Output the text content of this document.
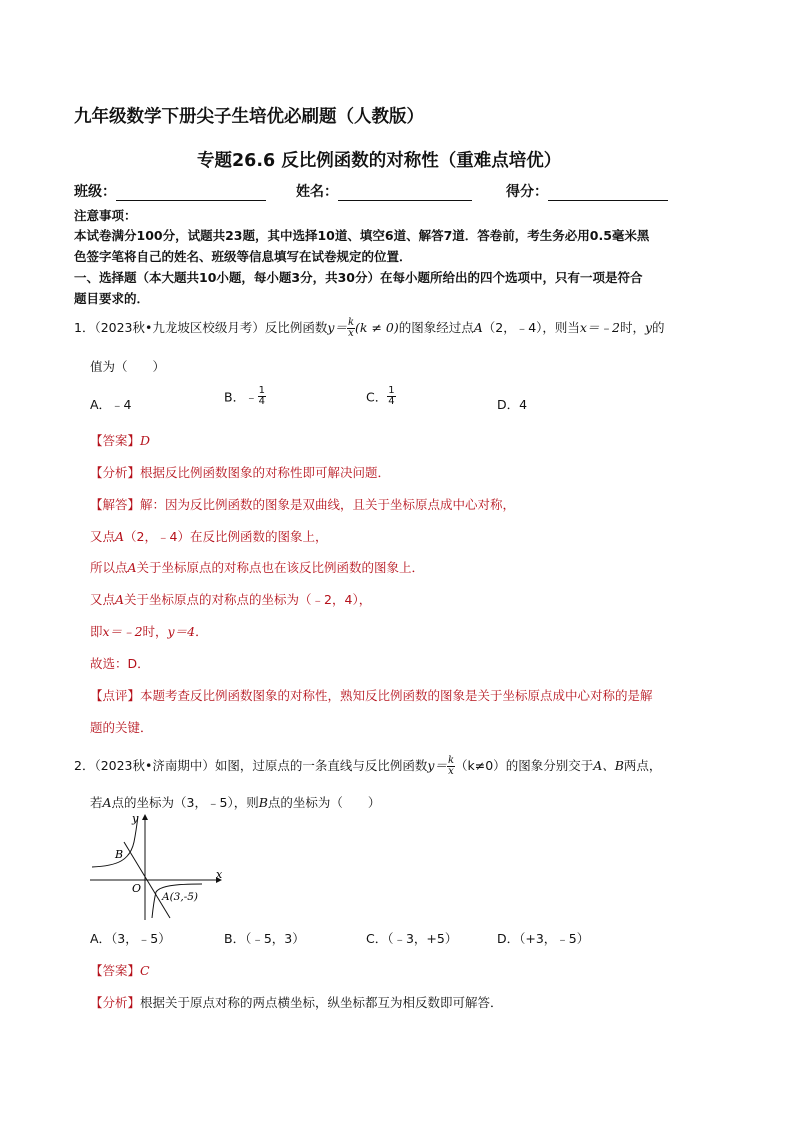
九年级数学下册尖子生培优必刷题（人教版）
专题26.6 反比例函数的对称性（重难点培优）
班级：	姓名：	得分：
注意事项：
本试卷满分100分，试题共23题，其中选择10道、填空6道、解答7道．答卷前，考生务必用0.5毫米黑
色签字笔将自己的姓名、班级等信息填写在试卷规定的位置．
一、选择题（本大题共10小题，每小题3分，共30分）在每小题所给出的四个选项中，只有一项是符合
题目要求的．
1．（2023秋•九龙坡区校级月考）反比例函数$y= \frac{k}{x} (k \ne 0)$的图象经过点A（2，﹣4），则当x＝﹣2时，y的
值为（　　）
A．﹣4	B．﹣ $\frac{1}{4}$	C． $\frac{1}{4}$	D．4
【答案】D
【分析】根据反比例函数图象的对称性即可解决问题．
【解答】解：因为反比例函数的图象是双曲线，且关于坐标原点成中心对称，
又点A（2，﹣4）在反比例函数的图象上，
所以点A关于坐标原点的对称点也在该反比例函数的图象上．
又点A关于坐标原点的对称点的坐标为（﹣2，4），
即x＝﹣2时，y＝4．
故选：D．
【点评】本题考查反比例函数图象的对称性，熟知反比例函数的图象是关于坐标原点成中心对称的是解
题的关键．
2．（2023秋•济南期中）如图，过原点的一条直线与反比例函数$y= \frac{k}{x} (k\ne 0)$的图象分别交于A、B两点，
若A点的坐标为（3，﹣5），则B点的坐标为（　　）
y
x
O
B
A(3,-5)
A．（3，﹣5）	B．（﹣5，3）	C．（﹣3，+5）	D．（+3，﹣5）
【答案】C
【分析】根据关于原点对称的两点横坐标，纵坐标都互为相反数即可解答．
